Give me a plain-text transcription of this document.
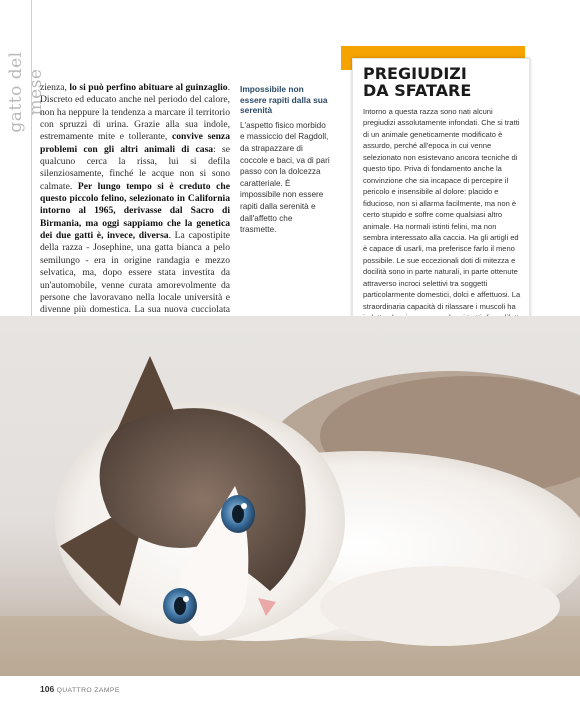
gatto del mese

zienza, lo si può perfino abituare al guinzaglio. Discreto ed educato anche nel periodo del calore, non ha neppure la tendenza a marcare il territorio con spruzzi di urina. Grazie alla sua indole, estremamente mite e tollerante, convive senza problemi con gli altri animali di casa: se qualcuno cerca la rissa, lui si defila silenziosamente, finché le acque non si sono calmate. Per lungo tempo si è creduto che questo piccolo felino, selezionato in California intorno al 1965, derivasse dal Sacro di Birmania, ma oggi sappiamo che la genetica dei due gatti è, invece, diversa. La capostipite della razza - Josephine, una gatta bianca a pelo semilungo - era in origine randagia e mezzo selvatica, ma, dopo essere stata investita da un'automobile, venne curata amorevolmente da persone che lavoravano nella locale università e divenne più domestica. La sua nuova cucciolata

Impossibile non essere rapiti dalla sua serenità

L'aspetto fisico morbido e massiccio del Ragdoll, da strapazzare di coccole e baci, va di pari passo con la dolcezza caratteriale. È impossibile non essere rapiti dalla serenità e dall'affetto che trasmette.

PREGIUDIZI
DA SFATARE

Intorno a questa razza sono nati alcuni pregiudizi assolutamente infondati. Che si tratti di un animale geneticamente modificato è assurdo, perché all'epoca in cui venne selezionato non esistevano ancora tecniche di questo tipo. Priva di fondamento anche la convinzione che sia incapace di percepire il pericolo e insensibile al dolore: placido e fiducioso, non si allarma facilmente, ma non è certo stupido e soffre come qualsiasi altro animale. Ha normali istinti felini, ma non sembra interessato alla caccia. Ha gli artigli ed è capace di usarli, ma preferisce farlo il meno possibile. Le sue eccezionali doti di mitezza e docilità sono in parte naturali, in parte ottenute attraverso incroci selettivi tra soggetti particolarmente domestici, dolci e affettuosi. La straordinaria capacità di rilassare i muscoli ha

106 QUATTRO ZAMPE
